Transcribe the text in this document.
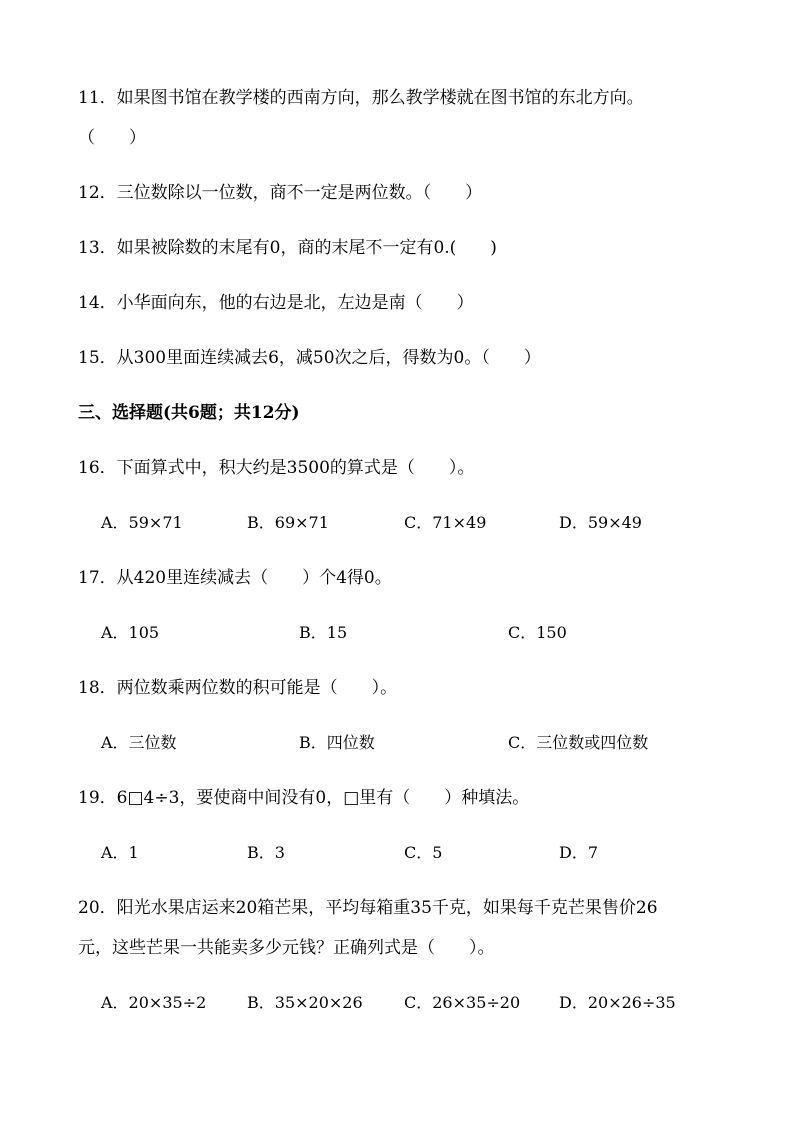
11．如果图书馆在教学楼的西南方向，那么教学楼就在图书馆的东北方向。
（　　）
12．三位数除以一位数，商不一定是两位数。（　　）
13．如果被除数的末尾有0，商的末尾不一定有0.(　　)
14．小华面向东，他的右边是北，左边是南（　　）
15．从300里面连续减去6，减50次之后，得数为0。（　　）
三、选择题(共6题；共12分)
16．下面算式中，积大约是3500的算式是（　　）。
A．59×71	B．69×71	C．71×49	D．59×49
17．从420里连续减去（　　）个4得0。
A．105	B．15	C．150
18．两位数乘两位数的积可能是（　　）。
A．三位数	B．四位数	C．三位数或四位数
19．6□4÷3，要使商中间没有0，□里有（　　）种填法。
A．1	B．3	C．5	D．7
20．阳光水果店运来20箱芒果，平均每箱重35千克，如果每千克芒果售价26
元，这些芒果一共能卖多少元钱？正确列式是（　　）。
A．20×35÷2	B．35×20×26	C．26×35÷20 D．20×26÷35
